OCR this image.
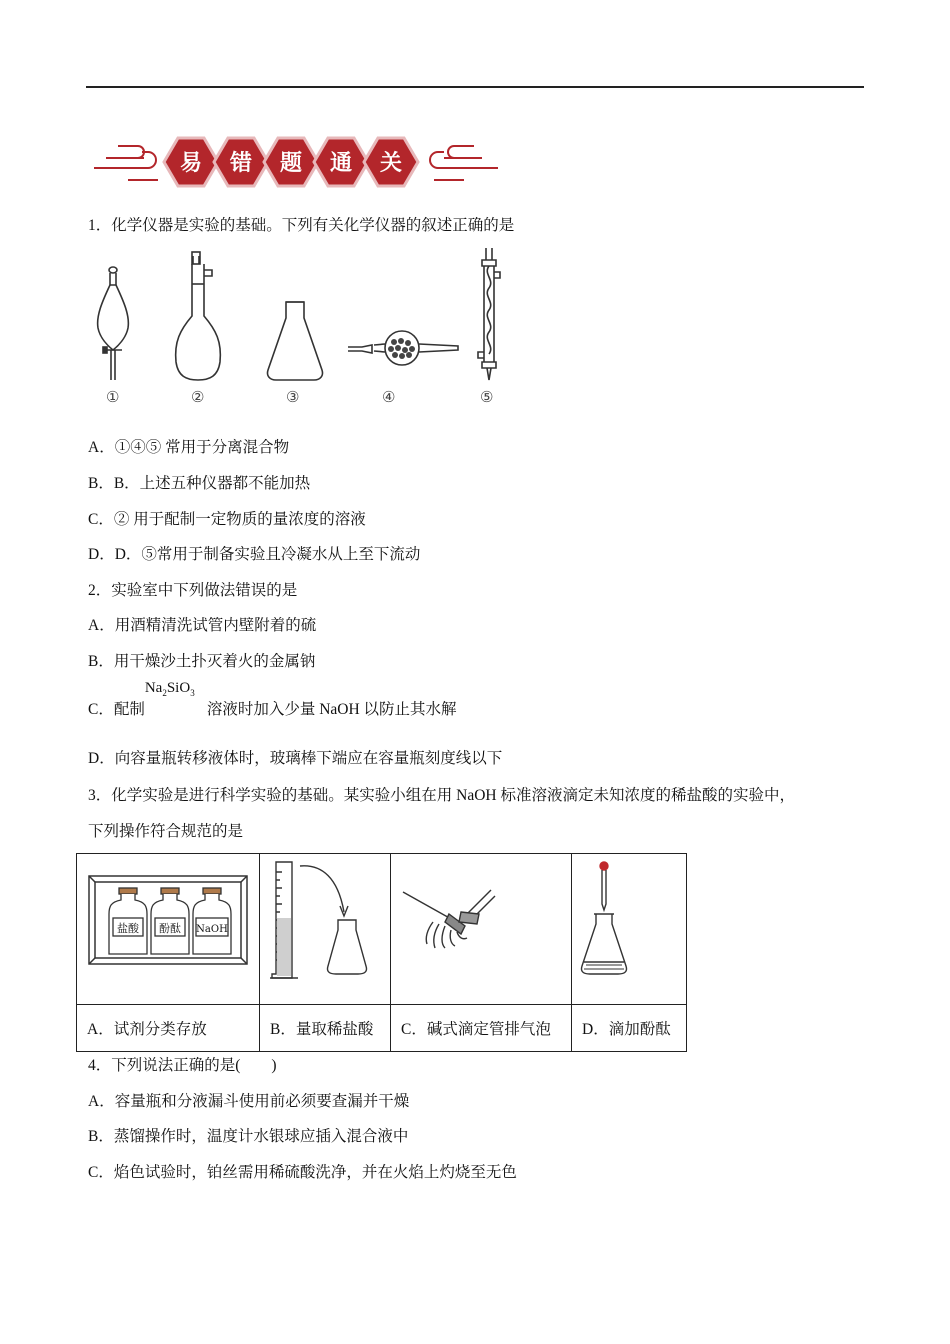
易 错 题 通 关
1．化学仪器是实验的基础。下列有关化学仪器的叙述正确的是
①	②	③	④	⑤
A．①④⑤ 常用于分离混合物
B．B．上述五种仪器都不能加热
C．② 用于配制一定物质的量浓度的溶液
D．D．⑤常用于制备实验且冷凝水从上至下流动
2．实验室中下列做法错误的是
A．用酒精清洗试管内壁附着的硫
B．用干燥沙土扑灭着火的金属钠
C．配制
$Na_2SiO_3$
溶液时加入少量 NaOH 以防止其水解
D．向容量瓶转移液体时，玻璃棒下端应在容量瓶刻度线以下
3．化学实验是进行科学实验的基础。某实验小组在用 NaOH 标准溶液滴定未知浓度的稀盐酸的实验中，
下列操作符合规范的是
盐酸 酚酞 NaOH

A．试剂分类存放	B．量取稀盐酸	C．碱式滴定管排气泡	D．滴加酚酞
4．下列说法正确的是(　　)
A．容量瓶和分液漏斗使用前必须要查漏并干燥
B．蒸馏操作时，温度计水银球应插入混合液中
C．焰色试验时，铂丝需用稀硫酸洗净，并在火焰上灼烧至无色
